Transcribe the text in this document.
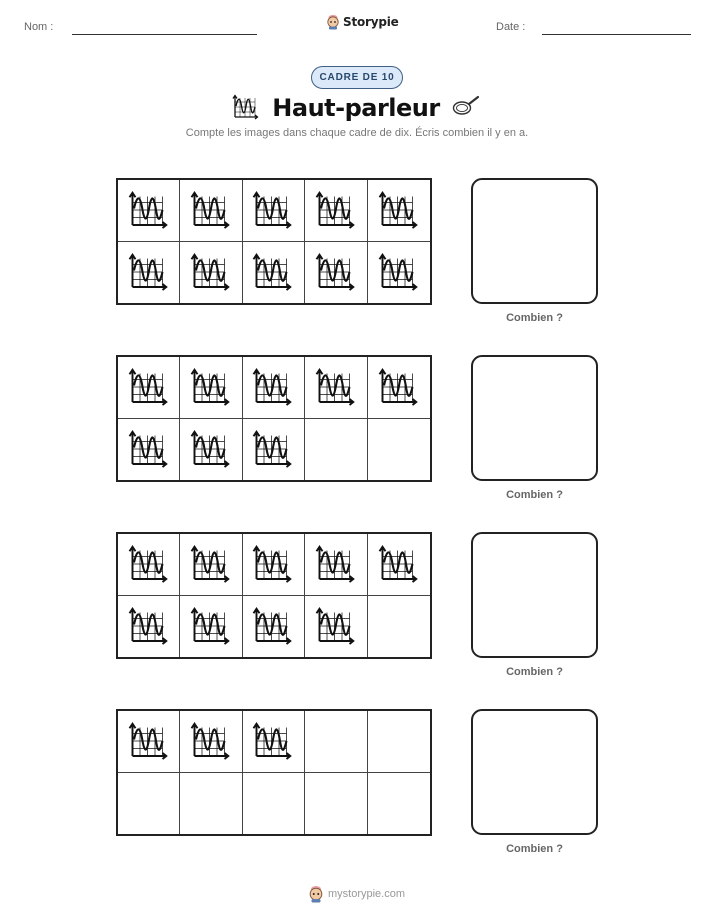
Nom :	Storypie	Date :
CADRE DE 10
Haut-parleur
Compte les images dans chaque cadre de dix. Écris combien il y en a.
Combien ?
Combien ?
Combien ?
Combien ?
mystorypie.com
